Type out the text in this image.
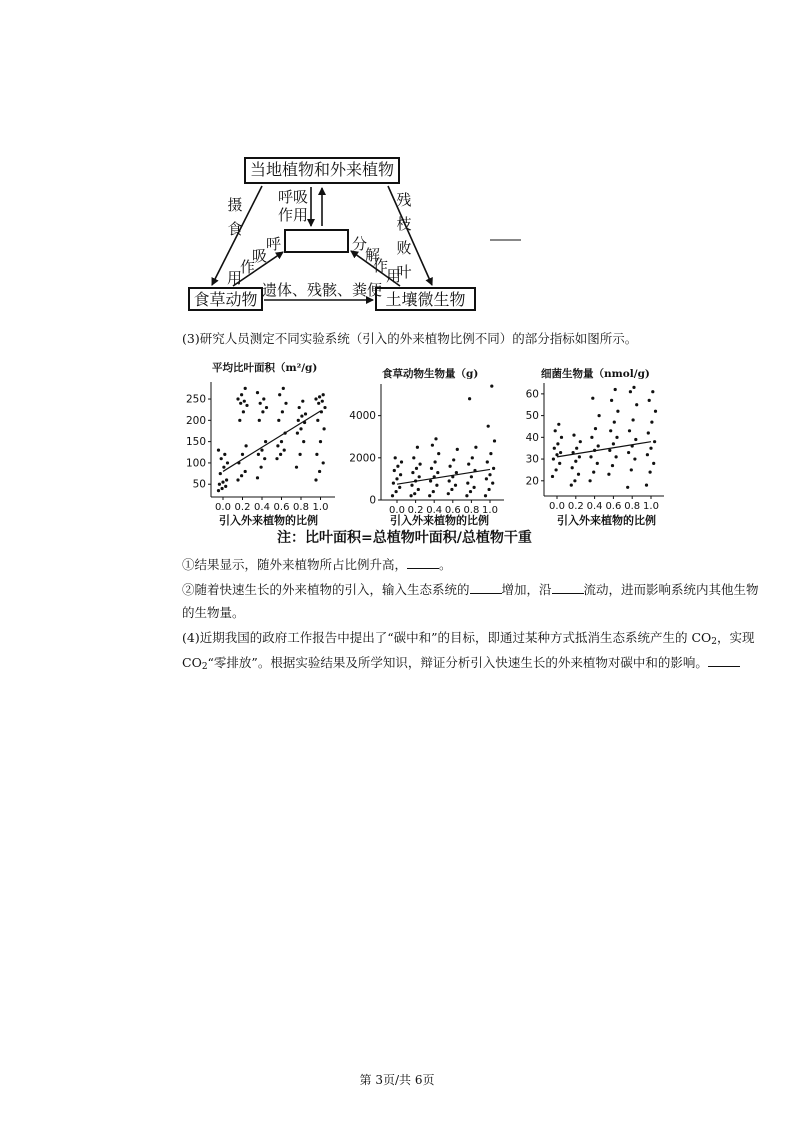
当地植物和外来植物
食草动物	土壤微生物
摄
食
呼吸
作用
残
枝
败
叶
呼
吸
作
用
分
解
作
用
遗体、残骸、粪便
(3)研究人员测定不同实验系统（引入的外来植物比例不同）的部分指标如图所示。
平均比叶面积（m²/g)	食草动物生物量（g)	细菌生物量（nmol/g)
50
100
150
200
250
0.0 0.2 0.4 0.6 0.8 1.0
0
2000
4000
0.0 0.2 0.4 0.6 0.8 1.0
20
30
40
50
60
0.0 0.2 0.4 0.6 0.8 1.0
引入外来植物的比例	引入外来植物的比例	引入外来植物的比例
注：比叶面积=总植物叶面积/总植物干重
①结果显示，随外来植物所占比例升高，	。
②随着快速生长的外来植物的引入，输入生态系统的	增加，沿	流动，进而影响系统内其他生物
的生物量。
(4)近期我国的政府工作报告中提出了“碳中和”的目标，即通过某种方式抵消生态系统产生的 $CO_2$，实现
$CO_2“$零排放”。根据实验结果及所学知识，辩证分析引入快速生长的外来植物对碳中和的影响。
第 3页/共 6页
